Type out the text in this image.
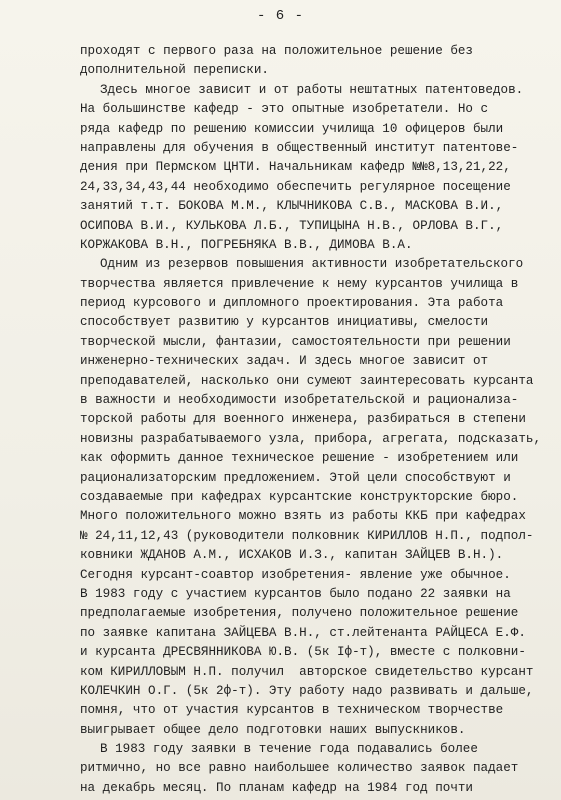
- 6 -
проходят с первого раза на положительное решение без
дополнительной переписки.
Здесь многое зависит и от работы нештатных патентоведов.
На большинстве кафедр - это опытные изобретатели. Но с
ряда кафедр по решению комиссии училища 10 офицеров были
направлены для обучения в общественный институт патентове-
дения при Пермском ЦНТИ. Начальникам кафедр №№8,13,21,22,
24,33,34,43,44 необходимо обеспечить регулярное посещение
занятий т.т. БОКОВА М.М., КЛЫЧНИКОВА С.В., МАСКОВА В.И.,
ОСИПОВА В.И., КУЛЬКОВА Л.Б., ТУПИЦЫНА Н.В., ОРЛОВА В.Г.,
КОРЖАКОВА В.Н., ПОГРЕБНЯКА В.В., ДИМОВА В.А.
Одним из резервов повышения активности изобретательского
творчества является привлечение к нему курсантов училища в
период курсового и дипломного проектирования. Эта работа
способствует развитию у курсантов инициативы, смелости
творческой мысли, фантазии, самостоятельности при решении
инженерно-технических задач. И здесь многое зависит от
преподавателей, насколько они сумеют заинтересовать курсанта
в важности и необходимости изобретательской и рационализа-
торской работы для военного инженера, разбираться в степени
новизны разрабатываемого узла, прибора, агрегата, подсказать,
как оформить данное техническое решение - изобретением или
рационализаторским предложением. Этой цели способствуют и
создаваемые при кафедрах курсантские конструкторские бюро.
Много положительного можно взять из работы ККБ при кафедрах
№ 24,11,12,43 (руководители полковник КИРИЛЛОВ Н.П., подпол-
ковники ЖДАНОВ А.М., ИСХАКОВ И.З., капитан ЗАЙЦЕВ В.Н.).
Сегодня курсант-соавтор изобретения- явление уже обычное.
В 1983 году с участием курсантов было подано 22 заявки на
предполагаемые изобретения, получено положительное решение
по заявке капитана ЗАЙЦЕВА В.Н., ст.лейтенанта РАЙЦЕСА Е.Ф.
и курсанта ДРЕСВЯННИКОВА Ю.В. (5к Іф-т), вместе с полковни-
ком КИРИЛЛОВЫМ Н.П. получил  авторское свидетельство курсант
КОЛЕЧКИН О.Г. (5к 2ф-т). Эту работу надо развивать и дальше,
помня, что от участия курсантов в техническом творчестве
выигрывает общее дело подготовки наших выпускников.
В 1983 году заявки в течение года подавались более
ритмично, но все равно наибольшее количество заявок падает
на декабрь месяц. По планам кафедр на 1984 год почти
